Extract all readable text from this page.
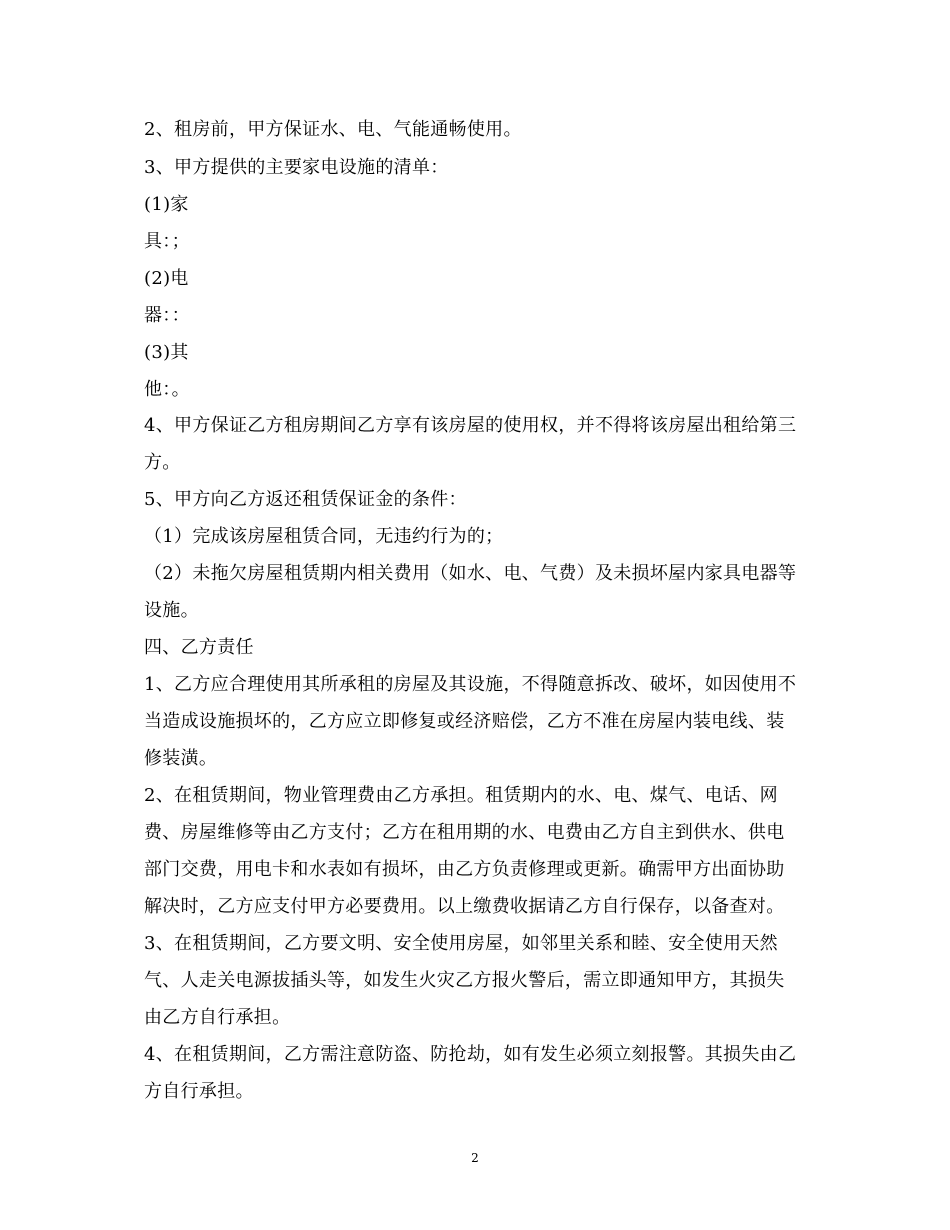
2、租房前，甲方保证水、电、气能通畅使用。
3、甲方提供的主要家电设施的清单：
(1)家
具：；
(2)电
器：：
(3)其
他：。
4、甲方保证乙方租房期间乙方享有该房屋的使用权，并不得将该房屋出租给第三
方。
5、甲方向乙方返还租赁保证金的条件：
（1）完成该房屋租赁合同，无违约行为的；
（2）未拖欠房屋租赁期内相关费用（如水、电、气费）及未损坏屋内家具电器等
设施。
四、乙方责任
1、乙方应合理使用其所承租的房屋及其设施，不得随意拆改、破坏，如因使用不
当造成设施损坏的，乙方应立即修复或经济赔偿，乙方不准在房屋内装电线、装
修装潢。
2、在租赁期间，物业管理费由乙方承担。租赁期内的水、电、煤气、电话、网
费、房屋维修等由乙方支付；乙方在租用期的水、电费由乙方自主到供水、供电
部门交费，用电卡和水表如有损坏，由乙方负责修理或更新。确需甲方出面协助
解决时，乙方应支付甲方必要费用。以上缴费收据请乙方自行保存，以备查对。
3、在租赁期间，乙方要文明、安全使用房屋，如邻里关系和睦、安全使用天然
气、人走关电源拔插头等，如发生火灾乙方报火警后，需立即通知甲方，其损失
由乙方自行承担。
4、在租赁期间，乙方需注意防盗、防抢劫，如有发生必须立刻报警。其损失由乙
方自行承担。
2
